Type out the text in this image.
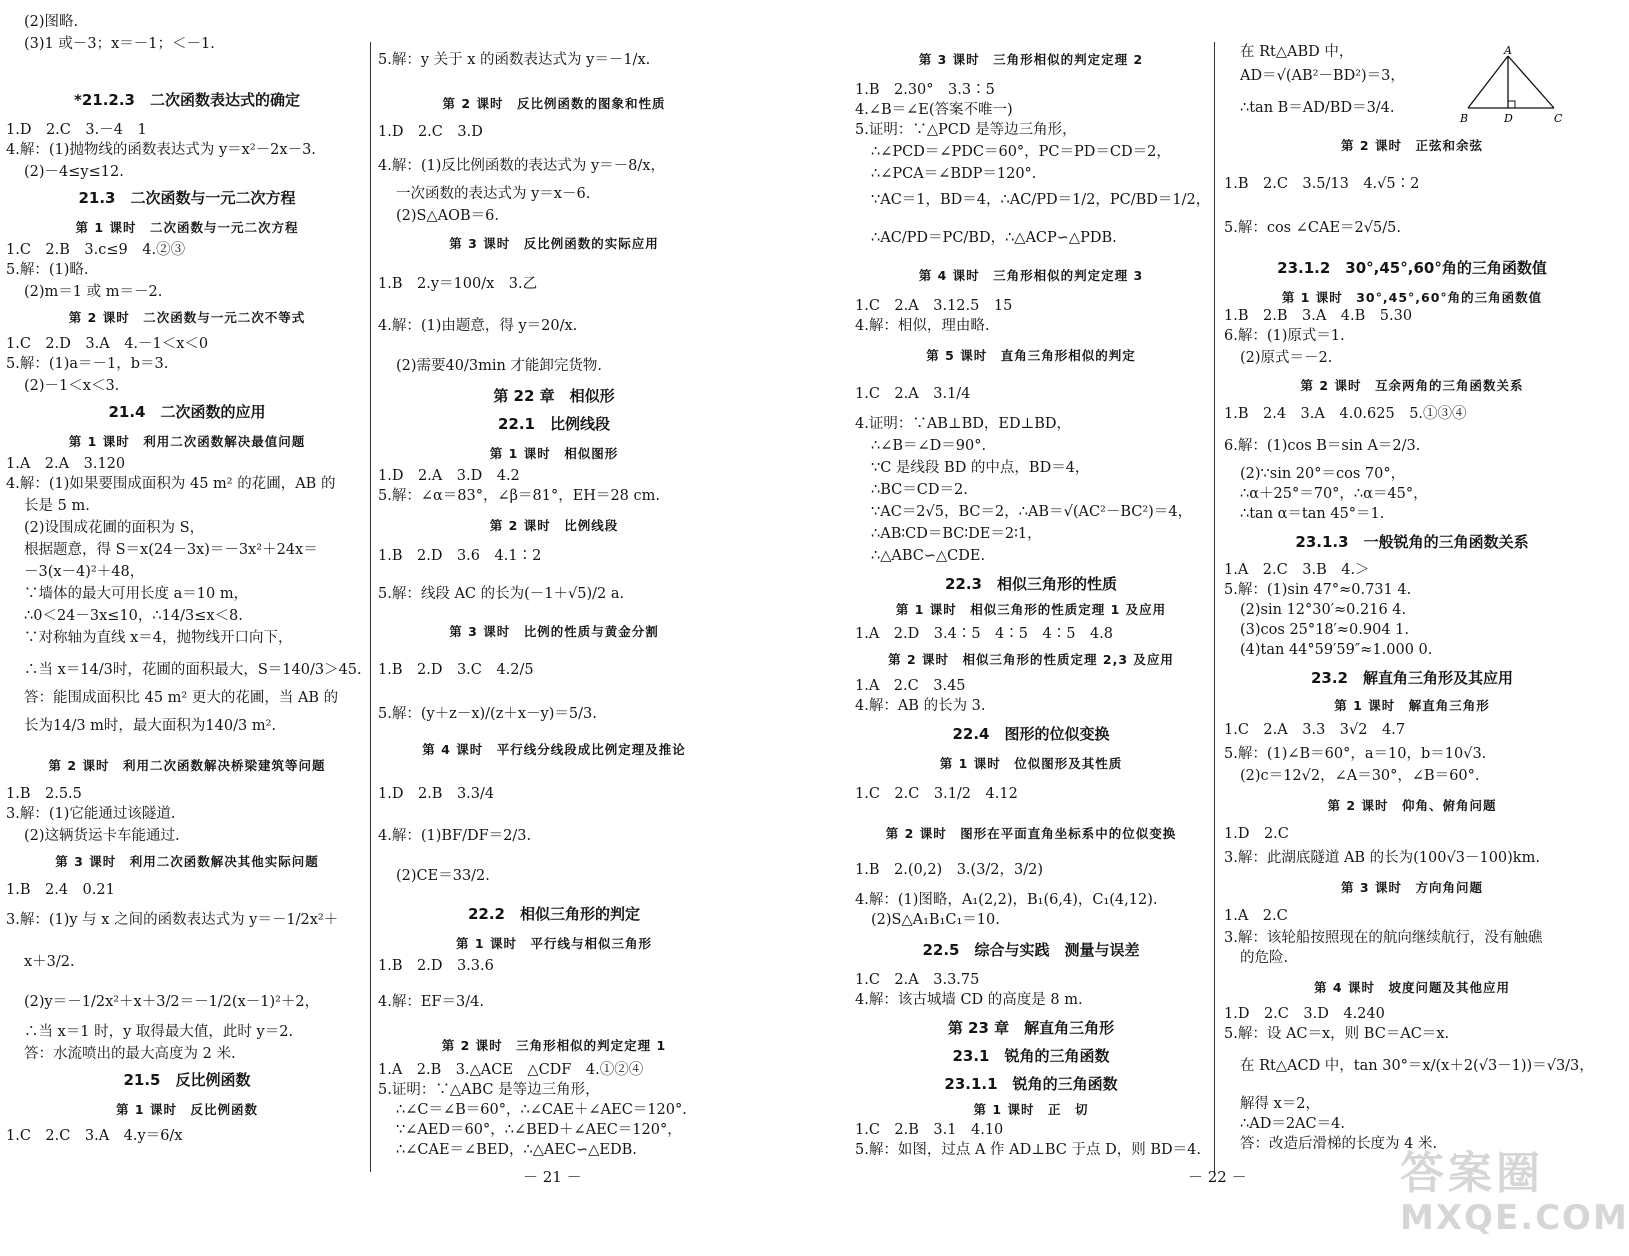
(2)图略.
(3)1 或－3；x＝－1；＜－1.
*21.2.3　二次函数表达式的确定
1.D　2.C　3.－4　1
4.解：(1)抛物线的函数表达式为 y＝x²－2x－3.
(2)－4≤y≤12.
21.3　二次函数与一元二次方程
第 1 课时　二次函数与一元二次方程
1.C　2.B　3.c≤9　4.②③
5.解：(1)略.
(2)m＝1 或 m＝－2.
第 2 课时　二次函数与一元二次不等式
1.C　2.D　3.A　4.－1＜x＜0
5.解：(1)a＝－1，b＝3.
(2)－1＜x＜3.
21.4　二次函数的应用
第 1 课时　利用二次函数解决最值问题
1.A　2.A　3.120
4.解：(1)如果要围成面积为 45 m² 的花圃，AB 的
长是 5 m.
(2)设围成花圃的面积为 S，
根据题意，得 S＝x(24－3x)＝－3x²＋24x＝
－3(x－4)²＋48，
∵墙体的最大可用长度 a＝10 m，
∴0＜24－3x≤10，∴14/3≤x＜8.
∵对称轴为直线 x＝4，抛物线开口向下，
∴当 x＝14/3时，花圃的面积最大，S＝140/3＞45.
答：能围成面积比 45 m² 更大的花圃，当 AB 的
长为14/3 m时，最大面积为140/3 m².
第 2 课时　利用二次函数解决桥梁建筑等问题
1.B　2.5.5
3.解：(1)它能通过该隧道.
(2)这辆货运卡车能通过.
第 3 课时　利用二次函数解决其他实际问题
1.B　2.4　0.21
3.解：(1)y 与 x 之间的函数表达式为 y＝－1/2x²＋
x＋3/2.
(2)y＝－1/2x²＋x＋3/2＝－1/2(x－1)²＋2，
∴当 x＝1 时，y 取得最大值，此时 y＝2.
答：水流喷出的最大高度为 2 米.
21.5　反比例函数
第 1 课时　反比例函数
1.C　2.C　3.A　4.y＝6/x
5.解：y 关于 x 的函数表达式为 y＝－1/x.
第 2 课时　反比例函数的图象和性质
1.D　2.C　3.D
4.解：(1)反比例函数的表达式为 y＝－8/x，
一次函数的表达式为 y＝x－6.
(2)S△AOB＝6.
第 3 课时　反比例函数的实际应用
1.B　2.y＝100/x　3.乙
4.解：(1)由题意，得 y＝20/x.
(2)需要40/3min 才能卸完货物.
第 22 章　相似形
22.1　比例线段
第 1 课时　相似图形
1.D　2.A　3.D　4.2
5.解：∠α＝83°，∠β＝81°，EH＝28 cm.
第 2 课时　比例线段
1.B　2.D　3.6　4.1∶2
5.解：线段 AC 的长为(－1＋√5)/2 a.
第 3 课时　比例的性质与黄金分割
1.B　2.D　3.C　4.2/5
5.解：(y＋z－x)/(z＋x－y)＝5/3.
第 4 课时　平行线分线段成比例定理及推论
1.D　2.B　3.3/4
4.解：(1)BF/DF＝2/3.
(2)CE＝33/2.
22.2　相似三角形的判定
第 1 课时　平行线与相似三角形
1.B　2.D　3.3.6
4.解：EF＝3/4.
第 2 课时　三角形相似的判定定理 1
1.A　2.B　3.△ACE　△CDF　4.①②④
5.证明：∵△ABC 是等边三角形，
∴∠C＝∠B＝60°，∴∠CAE＋∠AEC＝120°.
∵∠AED＝60°，∴∠BED＋∠AEC＝120°，
∴∠CAE＝∠BED，∴△AEC∽△EDB.
第 3 课时　三角形相似的判定定理 2
1.B　2.30°　3.3∶5
4.∠B＝∠E(答案不唯一)
5.证明：∵△PCD 是等边三角形，
∴∠PCD＝∠PDC＝60°，PC＝PD＝CD＝2，
∴∠PCA＝∠BDP＝120°.
∵AC＝1，BD＝4，∴AC/PD＝1/2，PC/BD＝1/2，
∴AC/PD＝PC/BD，∴△ACP∽△PDB.
第 4 课时　三角形相似的判定定理 3
1.C　2.A　3.12.5　15
4.解：相似，理由略.
第 5 课时　直角三角形相似的判定
1.C　2.A　3.1/4
4.证明：∵AB⊥BD，ED⊥BD，
∴∠B＝∠D＝90°.
∵C 是线段 BD 的中点，BD＝4，
∴BC＝CD＝2.
∵AC＝2√5，BC＝2，∴AB＝√(AC²－BC²)＝4，
∴AB∶CD＝BC∶DE＝2∶1，
∴△ABC∽△CDE.
22.3　相似三角形的性质
第 1 课时　相似三角形的性质定理 1 及应用
1.A　2.D　3.4∶5　4∶5　4∶5　4.8
第 2 课时　相似三角形的性质定理 2,3 及应用
1.A　2.C　3.45
4.解：AB 的长为 3.
22.4　图形的位似变换
第 1 课时　位似图形及其性质
1.C　2.C　3.1/2　4.12
第 2 课时　图形在平面直角坐标系中的位似变换
1.B　2.(0,2)　3.(3/2，3/2)
4.解：(1)图略，A₁(2,2)，B₁(6,4)，C₁(4,12).
(2)S△A₁B₁C₁＝10.
22.5　综合与实践　测量与误差
1.C　2.A　3.3.75
4.解：该古城墙 CD 的高度是 8 m.
第 23 章　解直角三角形
23.1　锐角的三角函数
23.1.1　锐角的三角函数
第 1 课时　正　切
1.C　2.B　3.1　4.10
5.解：如图，过点 A 作 AD⊥BC 于点 D，则 BD＝4.
在 Rt△ABD 中，
AD＝√(AB²－BD²)＝3，
∴tan B＝AD/BD＝3/4.
第 2 课时　正弦和余弦
1.B　2.C　3.5/13　4.√5∶2
5.解：cos ∠CAE＝2√5/5.
23.1.2　30°,45°,60°角的三角函数值
第 1 课时　30°,45°,60°角的三角函数值
1.B　2.B　3.A　4.B　5.30
6.解：(1)原式＝1.
(2)原式＝－2.
第 2 课时　互余两角的三角函数关系
1.B　2.4　3.A　4.0.625　5.①③④
6.解：(1)cos B＝sin A＝2/3.
(2)∵sin 20°＝cos 70°，
∴α＋25°＝70°，∴α＝45°，
∴tan α＝tan 45°＝1.
23.1.3　一般锐角的三角函数关系
1.A　2.C　3.B　4.＞
5.解：(1)sin 47°≈0.731 4.
(2)sin 12°30′≈0.216 4.
(3)cos 25°18′≈0.904 1.
(4)tan 44°59′59″≈1.000 0.
23.2　解直角三角形及其应用
第 1 课时　解直角三角形
1.C　2.A　3.3　3√2　4.7
5.解：(1)∠B＝60°，a＝10，b＝10√3.
(2)c＝12√2，∠A＝30°，∠B＝60°.
第 2 课时　仰角、俯角问题
1.D　2.C
3.解：此湖底隧道 AB 的长为(100√3－100)km.
第 3 课时　方向角问题
1.A　2.C
3.解：该轮船按照现在的航向继续航行，没有触礁
的危险.
第 4 课时　坡度问题及其他应用
1.D　2.C　3.D　4.240
5.解：设 AC＝x，则 BC＝AC＝x.
在 Rt△ACD 中，tan 30°＝x/(x＋2(√3－1))＝√3/3，
解得 x＝2，
∴AD＝2AC＝4.
答：改造后滑梯的长度为 4 米.
A
B	D	C
－ 21 －	－ 22 －	答案圈
MXQE.COM
